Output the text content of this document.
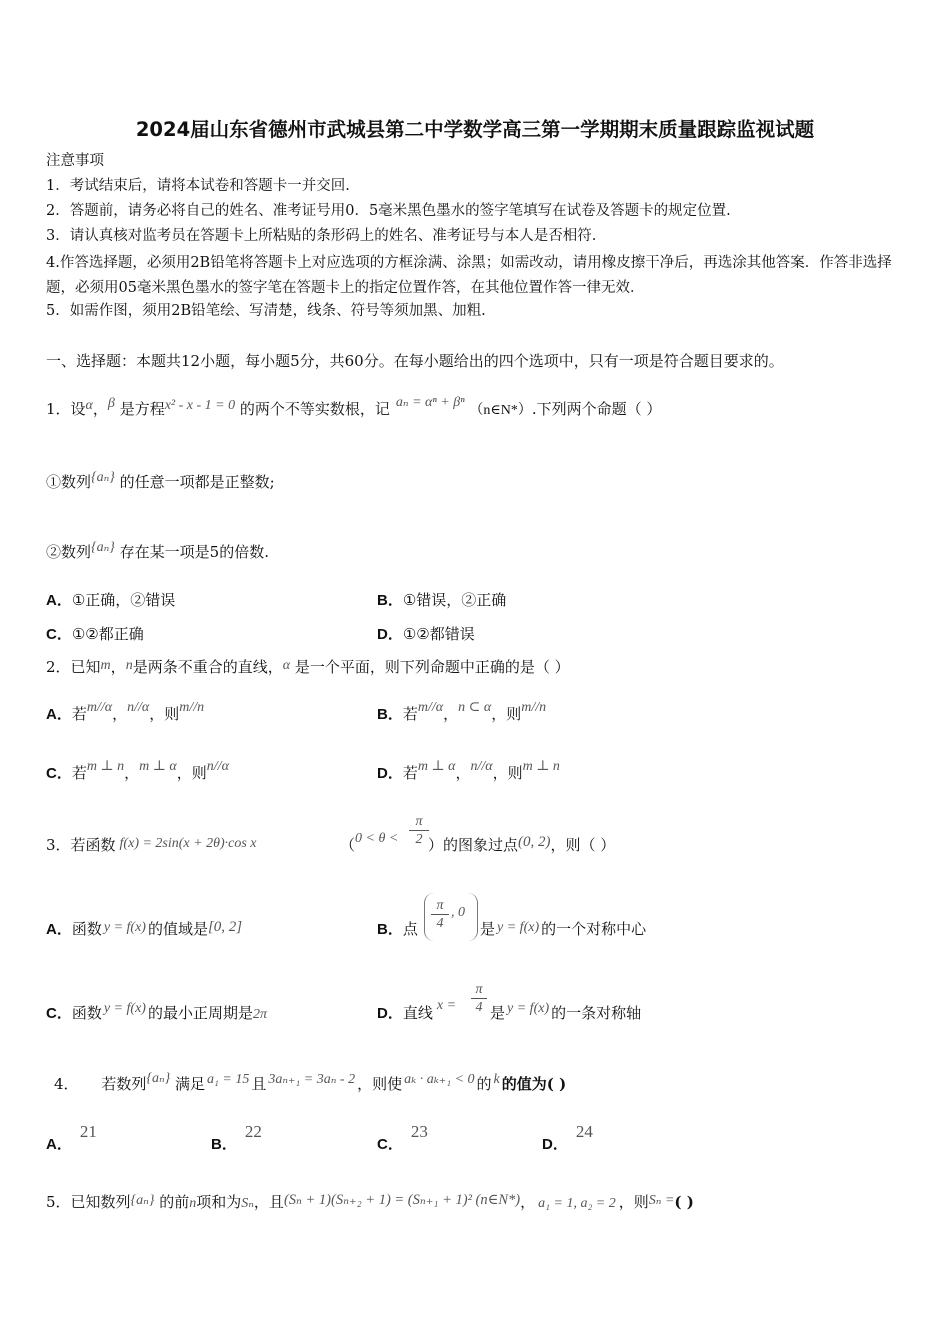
2024届山东省德州市武城县第二中学数学高三第一学期期末质量跟踪监视试题
注意事项
1．考试结束后，请将本试卷和答题卡一并交回.
2．答题前，请务必将自己的姓名、准考证号用0．5毫米黑色墨水的签字笔填写在试卷及答题卡的规定位置.
3．请认真核对监考员在答题卡上所粘贴的条形码上的姓名、准考证号与本人是否相符.
4.作答选择题，必须用2B铅笔将答题卡上对应选项的方框涂满、涂黑；如需改动，请用橡皮擦干净后，再选涂其他答案．作答非选择题，必须用05毫米黑色墨水的签字笔在答题卡上的指定位置作答，在其他位置作答一律无效．
5．如需作图，须用2B铅笔绘、写清楚，线条、符号等须加黑、加粗.
一、选择题：本题共12小题，每小题5分，共60分。在每小题给出的四个选项中，只有一项是符合题目要求的。
1．设α，β 是方程x² - x - 1 = 0 的两个不等实数根，记 aₙ = αⁿ + βⁿ （n∈N*）.下列两个命题（ ）
①数列{aₙ} 的任意一项都是正整数;
②数列{aₙ} 存在某一项是5的倍数.
A．①正确，②错误	B．①错误，②正确
C．①②都正确	D．①②都错误
2．已知m，n是两条不重合的直线，α 是一个平面，则下列命题中正确的是（ ）
A．若m//α，n//α，则m//n	B．若m//α，n ⊂ α，则m//n
C．若m ⊥ n，m ⊥ α，则n//α	D．若m ⊥ α，n//α，则m ⊥ n
3．若函数 f(x) = 2sin(x + 2θ)·cos x	（0 < θ <
π
2 ）的图象过点(0, 2)，则（ ）
A．函数 y = f(x) 的值域是[0, 2]	B．点
π
4
, 0
是 y = f(x) 的一个对称中心
C．函数 y = f(x) 的最小正周期是2π	D．直线 x =
π
4 是 y = f(x) 的一条对称轴
4． 若数列{aₙ} 满足 a₁ = 15 且 3aₙ₊₁ = 3aₙ - 2 ，则使 aₖ · aₖ₊₁ < 0 的 k 的值为( )
A．21
B．22
C．23
D．24
5．已知数列{aₙ} 的前n项和为Sₙ，且(Sₙ + 1)(Sₙ₊₂ + 1) = (Sₙ₊₁ + 1)² (n∈N*)， a₁ = 1, a₂ = 2 ，则Sₙ =( )
